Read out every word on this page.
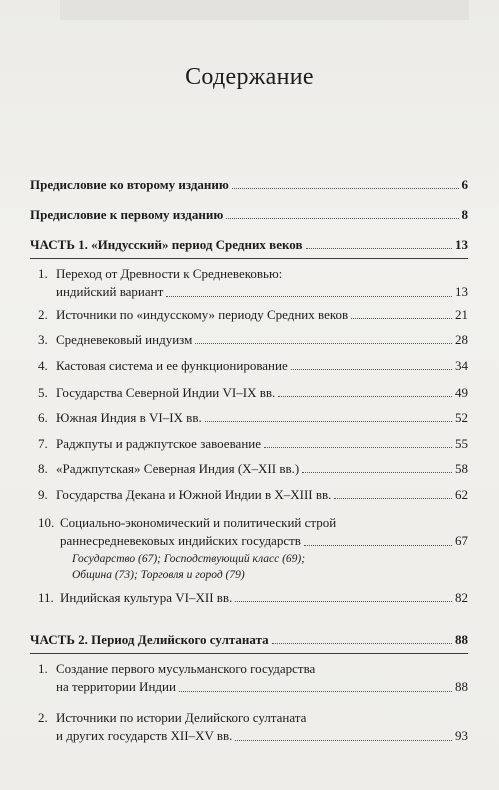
Содержание
Предисловие ко второму изданию	6
Предисловие к первому изданию	8
ЧАСТЬ 1. «Индусский» период Средних веков	13
1. Переход от Древности к Средневековью:
индийский вариант	13
2. Источники по «индусскому» периоду Средних веков	21
3. Средневековый индуизм	28
4. Кастовая система и ее функционирование	34
5. Государства Северной Индии VI–IX вв.	49
6. Южная Индия в VI–IX вв.	52
7. Раджпуты и раджпутское завоевание	55
8. «Раджпутская» Северная Индия (X–XII вв.)	58
9. Государства Декана и Южной Индии в X–XIII вв.	62
10. Социально-экономический и политический строй
раннесредневековых индийских государств	67
Государство (67); Господствующий класс (69);
Община (73); Торговля и город (79)
11. Индийская культура VI–XII вв.	82
ЧАСТЬ 2. Период Делийского султаната	88
1. Создание первого мусульманского государства
на территории Индии	88
2. Источники по истории Делийского султаната
и других государств XII–XV вв.	93
